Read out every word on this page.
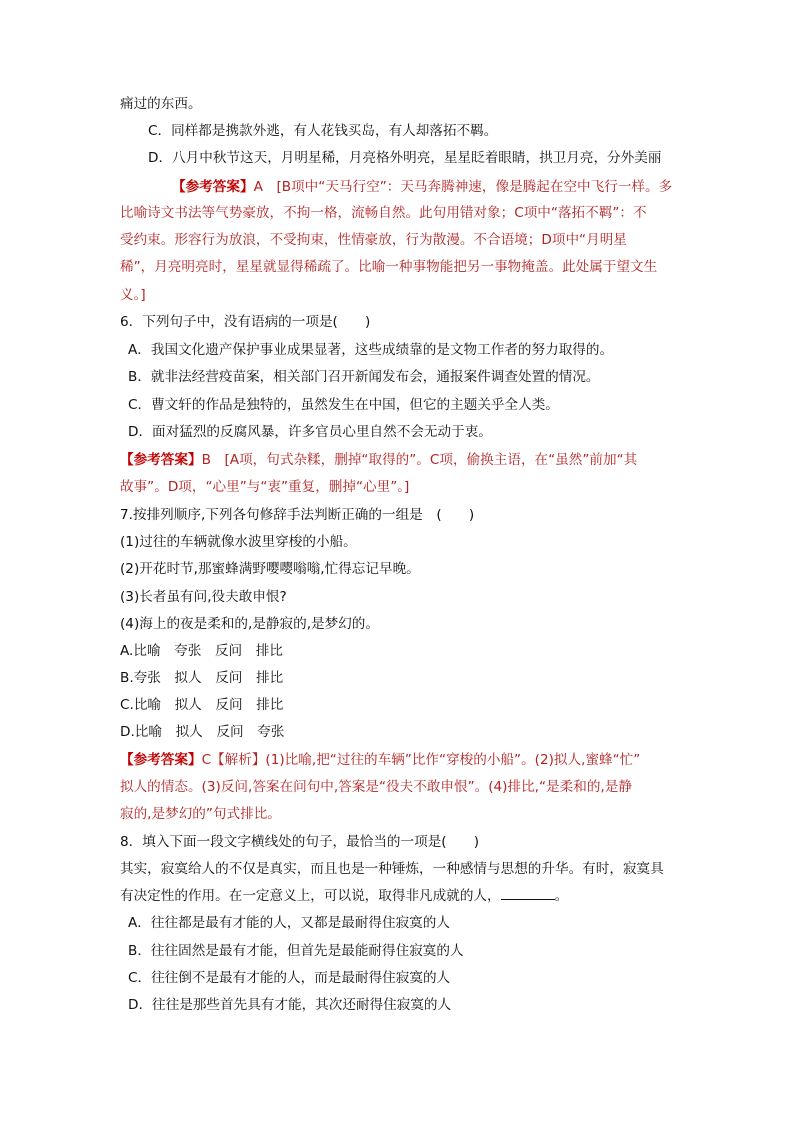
痛过的东西。
C．同样都是携款外逃，有人花钱买岛，有人却落拓不羁。
D．八月中秋节这天，月明星稀，月亮格外明亮，星星眨着眼睛，拱卫月亮，分外美丽
【参考答案】A　[B项中“天马行空”：天马奔腾神速，像是腾起在空中飞行一样。多
比喻诗文书法等气势豪放，不拘一格，流畅自然。此句用错对象；C项中“落拓不羁”：不
受约束。形容行为放浪，不受拘束，性情豪放，行为散漫。不合语境；D项中“月明星
稀”，月亮明亮时，星星就显得稀疏了。比喻一种事物能把另一事物掩盖。此处属于望文生
义。]
6．下列句子中，没有语病的一项是(　　)
A．我国文化遗产保护事业成果显著，这些成绩靠的是文物工作者的努力取得的。
B．就非法经营疫苗案，相关部门召开新闻发布会，通报案件调查处置的情况。
C．曹文轩的作品是独特的，虽然发生在中国，但它的主题关乎全人类。
D．面对猛烈的反腐风暴，许多官员心里自然不会无动于衷。
【参考答案】B　[A项，句式杂糅，删掉“取得的”。C项，偷换主语，在“虽然”前加“其
故事”。D项，“心里”与“衷”重复，删掉“心里”。]
7.按排列顺序,下列各句修辞手法判断正确的一组是　(　　)
(1)过往的车辆就像水波里穿梭的小船。
(2)开花时节,那蜜蜂满野嘤嘤嗡嗡,忙得忘记早晚。
(3)长者虽有问,役夫敢申恨?
(4)海上的夜是柔和的,是静寂的,是梦幻的。
A.比喻　夸张　反问　排比
B.夸张　拟人　反问　排比
C.比喻　拟人　反问　排比
D.比喻　拟人　反问　夸张
【参考答案】C【解析】(1)比喻,把“过往的车辆”比作“穿梭的小船”。(2)拟人,蜜蜂“忙”
拟人的情态。(3)反问,答案在问句中,答案是“役夫不敢申恨”。(4)排比,“是柔和的,是静
寂的,是梦幻的”句式排比。
8．填入下面一段文字横线处的句子，最恰当的一项是(　　)
其实，寂寞给人的不仅是真实，而且也是一种锤炼，一种感情与思想的升华。有时，寂寞具
有决定性的作用。在一定意义上，可以说，取得非凡成就的人，	。
A．往往都是最有才能的人，又都是最耐得住寂寞的人
B．往往固然是最有才能，但首先是最能耐得住寂寞的人
C．往往倒不是最有才能的人，而是最耐得住寂寞的人
D．往往是那些首先具有才能，其次还耐得住寂寞的人
